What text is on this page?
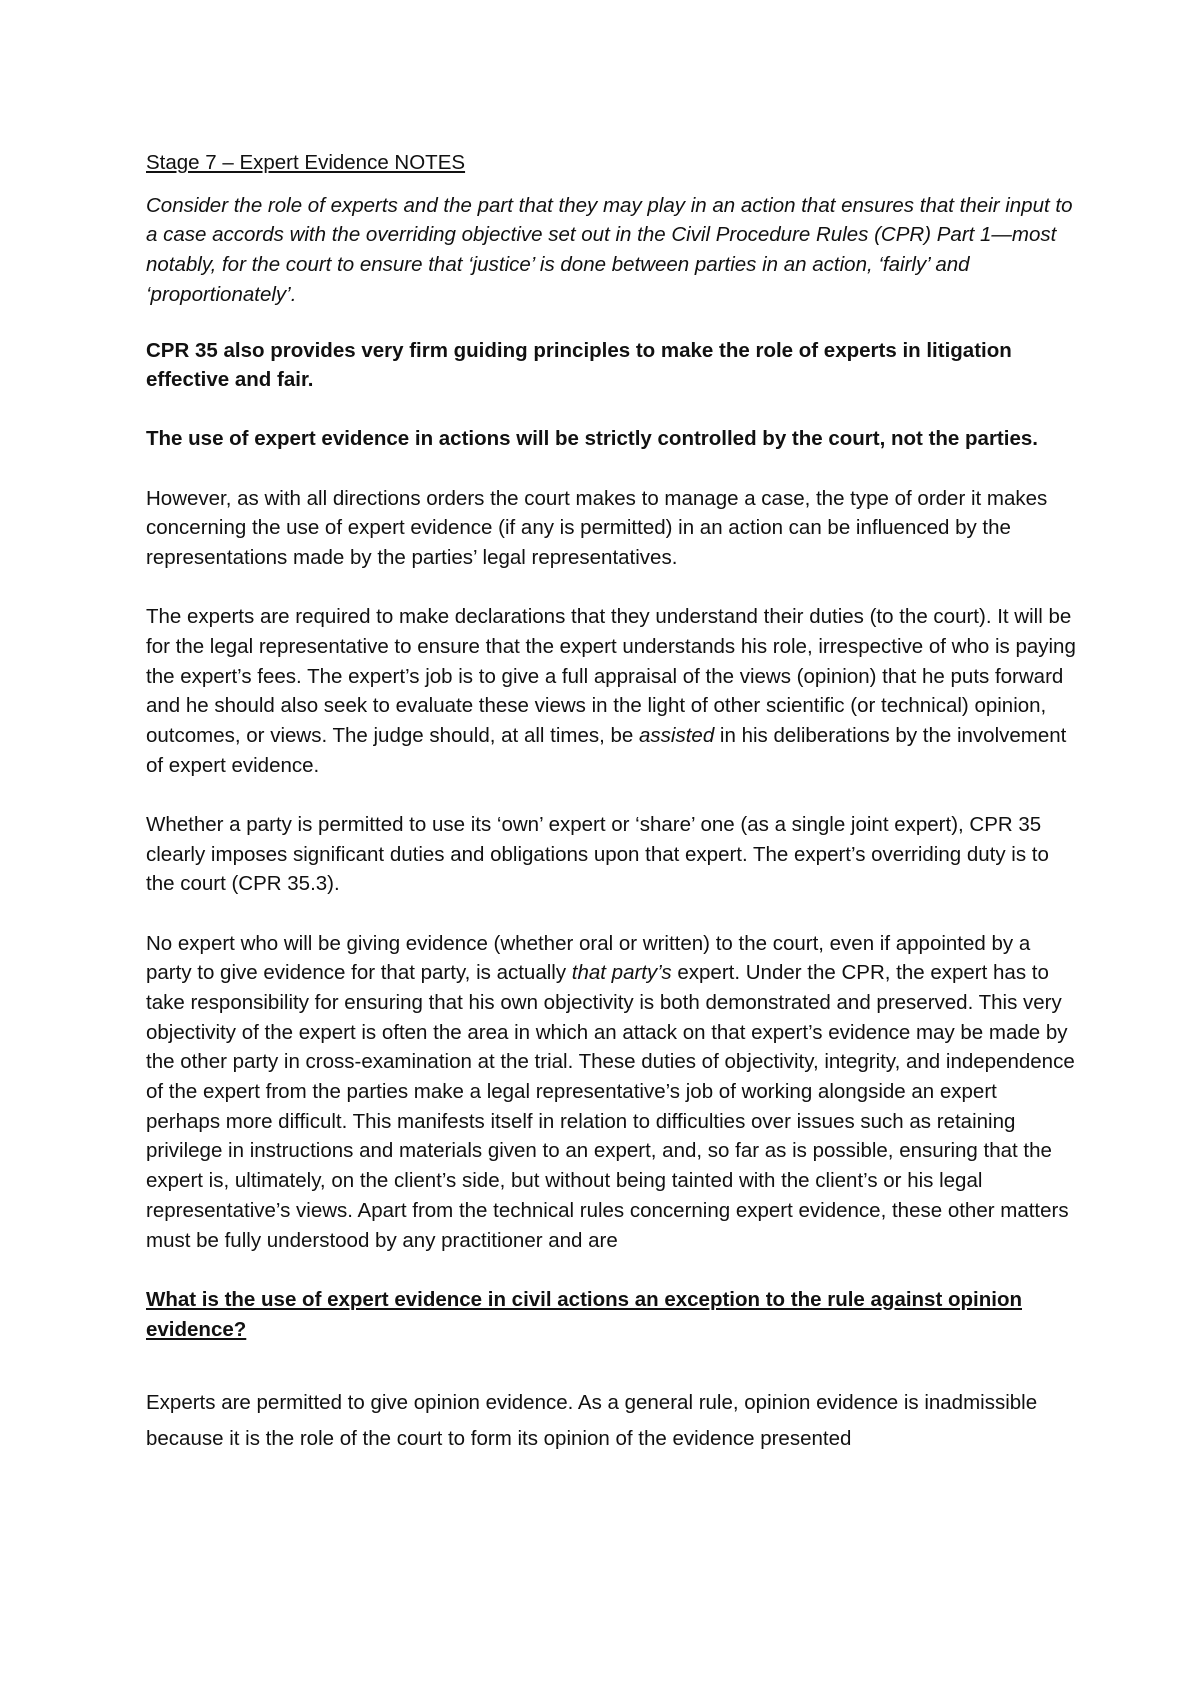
Stage 7 – Expert Evidence NOTES

Consider the role of experts and the part that they may play in an action that ensures that their input to a case accords with the overriding objective set out in the Civil Procedure Rules (CPR) Part 1—most notably, for the court to ensure that ‘justice’ is done between parties in an action, ‘fairly’ and ‘proportionately’.

CPR 35 also provides very firm guiding principles to make the role of experts in litigation effective and fair.

The use of expert evidence in actions will be strictly controlled by the court, not the parties.

However, as with all directions orders the court makes to manage a case, the type of order it makes concerning the use of expert evidence (if any is permitted) in an action can be influenced by the representations made by the parties’ legal representatives.

The experts are required to make declarations that they understand their duties (to the court). It will be for the legal representative to ensure that the expert understands his role, irrespective of who is paying the expert’s fees. The expert’s job is to give a full appraisal of the views (opinion) that he puts forward and he should also seek to evaluate these views in the light of other scientific (or technical) opinion, outcomes, or views. The judge should, at all times, be assisted in his deliberations by the involvement of expert evidence.

Whether a party is permitted to use its ‘own’ expert or ‘share’ one (as a single joint expert), CPR 35 clearly imposes significant duties and obligations upon that expert. The expert’s overriding duty is to the court (CPR 35.3).

No expert who will be giving evidence (whether oral or written) to the court, even if appointed by a party to give evidence for that party, is actually that party’s expert. Under the CPR, the expert has to take responsibility for ensuring that his own objectivity is both demonstrated and preserved. This very objectivity of the expert is often the area in which an attack on that expert’s evidence may be made by the other party in cross-examination at the trial. These duties of objectivity, integrity, and independence of the expert from the parties make a legal representative’s job of working alongside an expert perhaps more difficult. This manifests itself in relation to difficulties over issues such as retaining privilege in instructions and materials given to an expert, and, so far as is possible, ensuring that the expert is, ultimately, on the client’s side, but without being tainted with the client’s or his legal representative’s views. Apart from the technical rules concerning expert evidence, these other matters must be fully understood by any practitioner and are

What is the use of expert evidence in civil actions an exception to the rule against opinion evidence?

Experts are permitted to give opinion evidence. As a general rule, opinion evidence is inadmissible because it is the role of the court to form its opinion of the evidence presented
